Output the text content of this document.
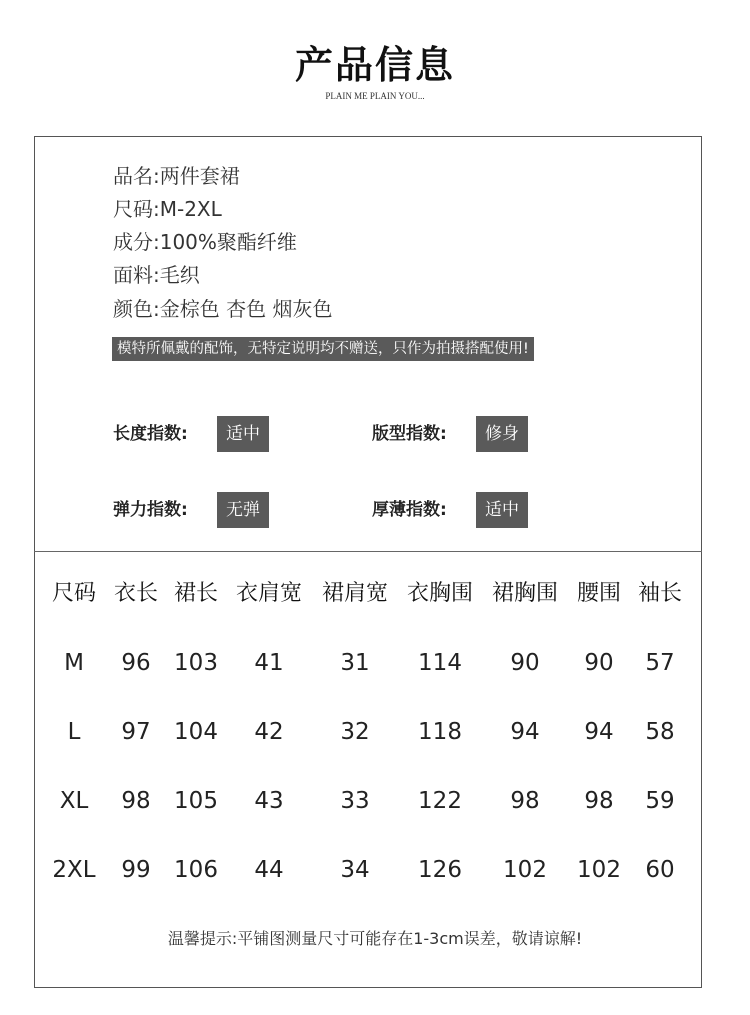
产品信息
PLAIN ME PLAIN YOU...
品名:两件套裙
尺码:M-2XL
成分:100%聚酯纤维
面料:毛织
颜色:金棕色 杏色 烟灰色
模特所佩戴的配饰，无特定说明均不赠送，只作为拍摄搭配使用!
长度指数:	适中	版型指数:	修身
弹力指数:	无弹	厚薄指数:	适中
尺码 衣长 裙长 衣肩宽 裙肩宽 衣胸围 裙胸围 腰围 袖长
M 96 103 41 31 114 90 90 57
L 97 104 42 32 118 94 94 58
XL 98 105 43 33 122 98 98 59
2XL 99 106 44 34 126 102 102 60
温馨提示:平铺图测量尺寸可能存在1-3cm误差，敬请谅解!
